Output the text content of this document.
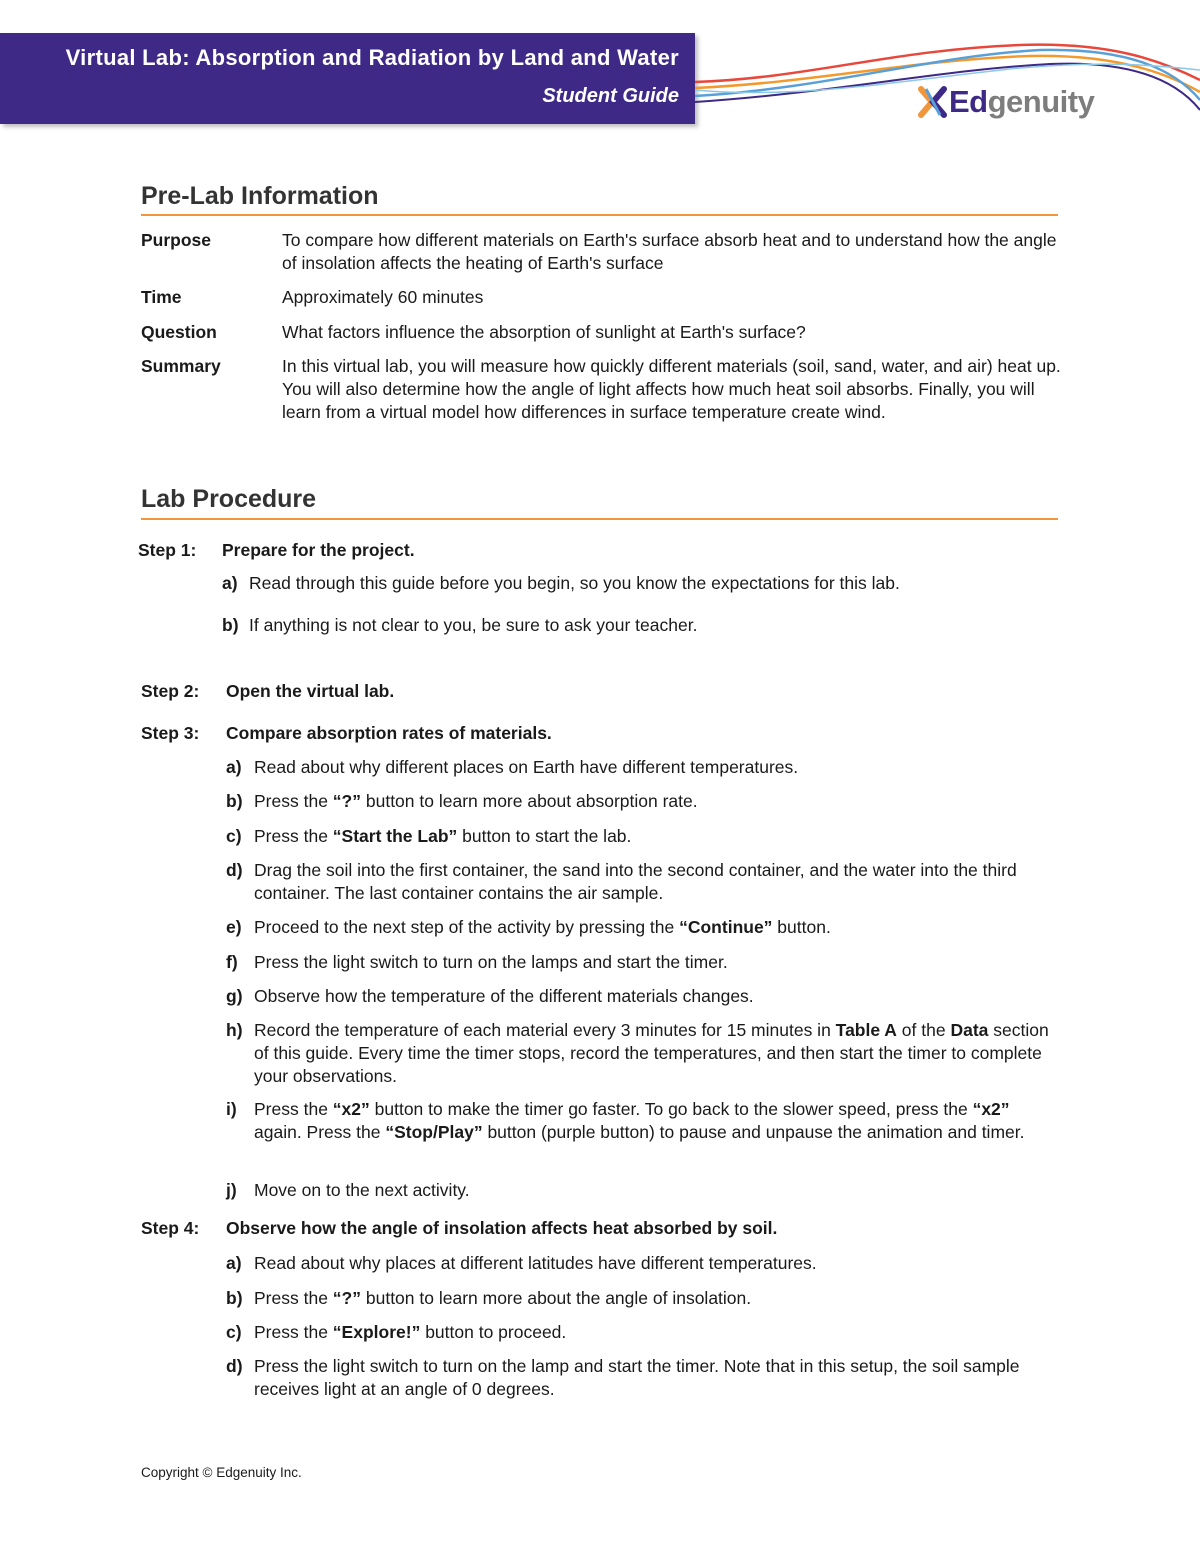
Virtual Lab: Absorption and Radiation by Land and Water
Student Guide	Edgenuity
Pre-Lab Information
Purpose	To compare how different materials on Earth's surface absorb heat and to understand how the angle of insolation affects the heating of Earth's surface
Time	Approximately 60 minutes
Question	What factors influence the absorption of sunlight at Earth's surface?
Summary	In this virtual lab, you will measure how quickly different materials (soil, sand, water, and air) heat up. You will also determine how the angle of light affects how much heat soil absorbs. Finally, you will learn from a virtual model how differences in surface temperature create wind.
Lab Procedure
Step 1: Prepare for the project.
a) Read through this guide before you begin, so you know the expectations for this lab.
b) If anything is not clear to you, be sure to ask your teacher.
Step 2: Open the virtual lab.
Step 3: Compare absorption rates of materials.
a) Read about why different places on Earth have different temperatures.
b) Press the “?” button to learn more about absorption rate.
c) Press the “Start the Lab” button to start the lab.
d) Drag the soil into the first container, the sand into the second container, and the water into the third container. The last container contains the air sample.
e) Proceed to the next step of the activity by pressing the “Continue” button.
f) Press the light switch to turn on the lamps and start the timer.
g) Observe how the temperature of the different materials changes.
h) Record the temperature of each material every 3 minutes for 15 minutes in Table A of the Data section of this guide. Every time the timer stops, record the temperatures, and then start the timer to complete your observations.
i) Press the “x2” button to make the timer go faster. To go back to the slower speed, press the “x2” again. Press the “Stop/Play” button (purple button) to pause and unpause the animation and timer.
j) Move on to the next activity.
Step 4: Observe how the angle of insolation affects heat absorbed by soil.
a) Read about why places at different latitudes have different temperatures.
b) Press the “?” button to learn more about the angle of insolation.
c) Press the “Explore!” button to proceed.
d) Press the light switch to turn on the lamp and start the timer. Note that in this setup, the soil sample receives light at an angle of 0 degrees.
Copyright © Edgenuity Inc.
